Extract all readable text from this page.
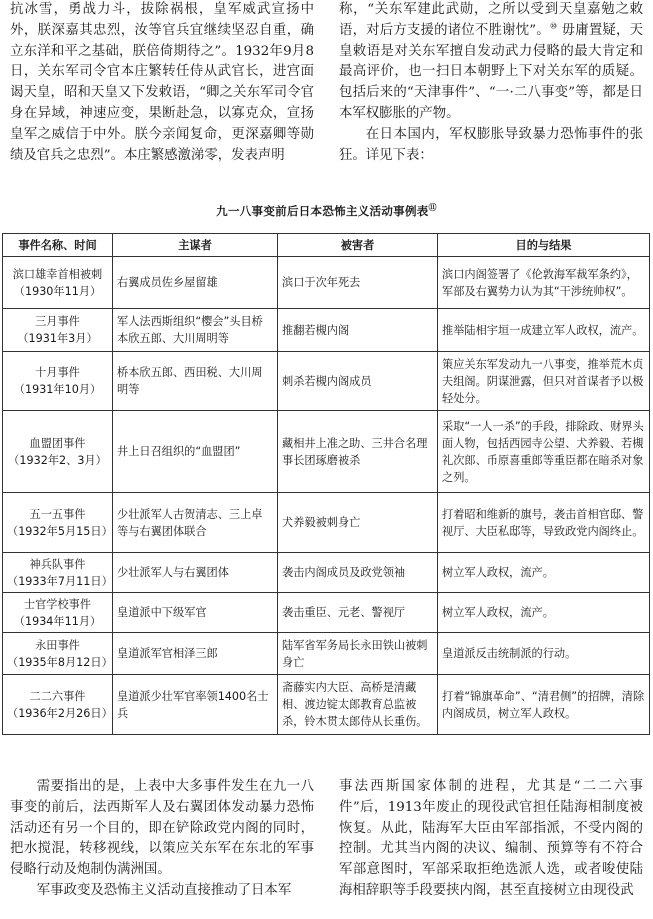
抗冰雪，勇战力斗，拔除祸根，皇军威武宣扬中外，朕深嘉其忠烈，汝等官兵宜继续坚忍自重，确立东洋和平之基础，朕倍倚期待之”。1932年9月8日，关东军司令官本庄繁转任侍从武官长，进宫面谒天皇，昭和天皇又下发敕语，“卿之关东军司令官身在异域，神速应变，果断赴急，以寡克众，宣扬皇军之威信于中外。朕今亲闻复命，更深嘉卿等勋绩及官兵之忠烈”。本庄繁感激涕零，发表声明

称，“关东军建此武勋，之所以受到天皇嘉勉之敕语，对后方支援的诸位不胜谢忱”。⑩ 毋庸置疑，天皇敕语是对关东军擅自发动武力侵略的最大肯定和最高评价，也一扫日本朝野上下对关东军的质疑。包括后来的“天津事件”、“一·二八事变”等，都是日本军权膨胀的产物。

在日本国内，军权膨胀导致暴力恐怖事件的张狂。详见下表：

九一八事变前后日本恐怖主义活动事例表⑪
事件名称、时间	主谋者	被害者	目的与结果
滨口雄幸首相被刺
（1930年11月）	右翼成员佐乡屋留雄	滨口于次年死去	滨口内阁签署了《伦敦海军裁军条约》，军部及右翼势力认为其“干涉统帅权”。
三月事件
（1931年3月）	军人法西斯组织“樱会”头目桥本欣五郎、大川周明等	推翻若槻内阁	推举陆相宇垣一成建立军人政权，流产。
十月事件
（1931年10月）	桥本欣五郎、西田税、大川周明等	刺杀若槻内阁成员	策应关东军发动九一八事变，推举荒木贞夫组阁。阴谋泄露，但只对首谋者予以极轻处分。
血盟团事件
（1932年2、3月）	井上日召组织的“血盟团”	藏相井上准之助、三井合名理事长团琢磨被杀	采取“一人一杀”的手段，排除政、财界头面人物，包括西园寺公望、犬养毅、若槻礼次郎、币原喜重郎等重臣都在暗杀对象之列。
五一五事件
（1932年5月15日）	少壮派军人古贺清志、三上卓等与右翼团体联合	犬养毅被刺身亡	打着昭和维新的旗号，袭击首相官邸、警视厅、大臣私邸等，导致政党内阁终止。
神兵队事件
（1933年7月11日）	少壮派军人与右翼团体	袭击内阁成员及政党领袖	树立军人政权，流产。
士官学校事件
（1934年11月）	皇道派中下级军官	袭击重臣、元老、警视厅	树立军人政权，流产。
永田事件
（1935年8月12日）	皇道派军官相泽三郎	陆军省军务局长永田铁山被刺身亡	皇道派反击统制派的行动。
二二六事件
（1936年2月26日）	皇道派少壮军官率领1400名士兵	斋藤实内大臣、高桥是清藏相、渡边锭太郎教育总监被杀，铃木贯太郎侍从长重伤。	打着“锦旗革命”、“清君侧”的招牌，清除内阁成员，树立军人政权。

需要指出的是，上表中大多事件发生在九一八事变的前后，法西斯军人及右翼团体发动暴力恐怖活动还有另一个目的，即在铲除政党内阁的同时，把水搅混，转移视线，以策应关东军在东北的军事侵略行动及炮制伪满洲国。

军事政变及恐怖主义活动直接推动了日本军

事法西斯国家体制的进程，尤其是“二二六事件”后，1913年废止的现役武官担任陆海相制度被恢复。从此，陆海军大臣由军部指派，不受内阁的控制。尤其当内阁的决议、编制、预算等有不符合军部意图时，军部采取拒绝选派人选，或者唆使陆海相辞职等手段要挟内阁，甚至直接树立由现役武
